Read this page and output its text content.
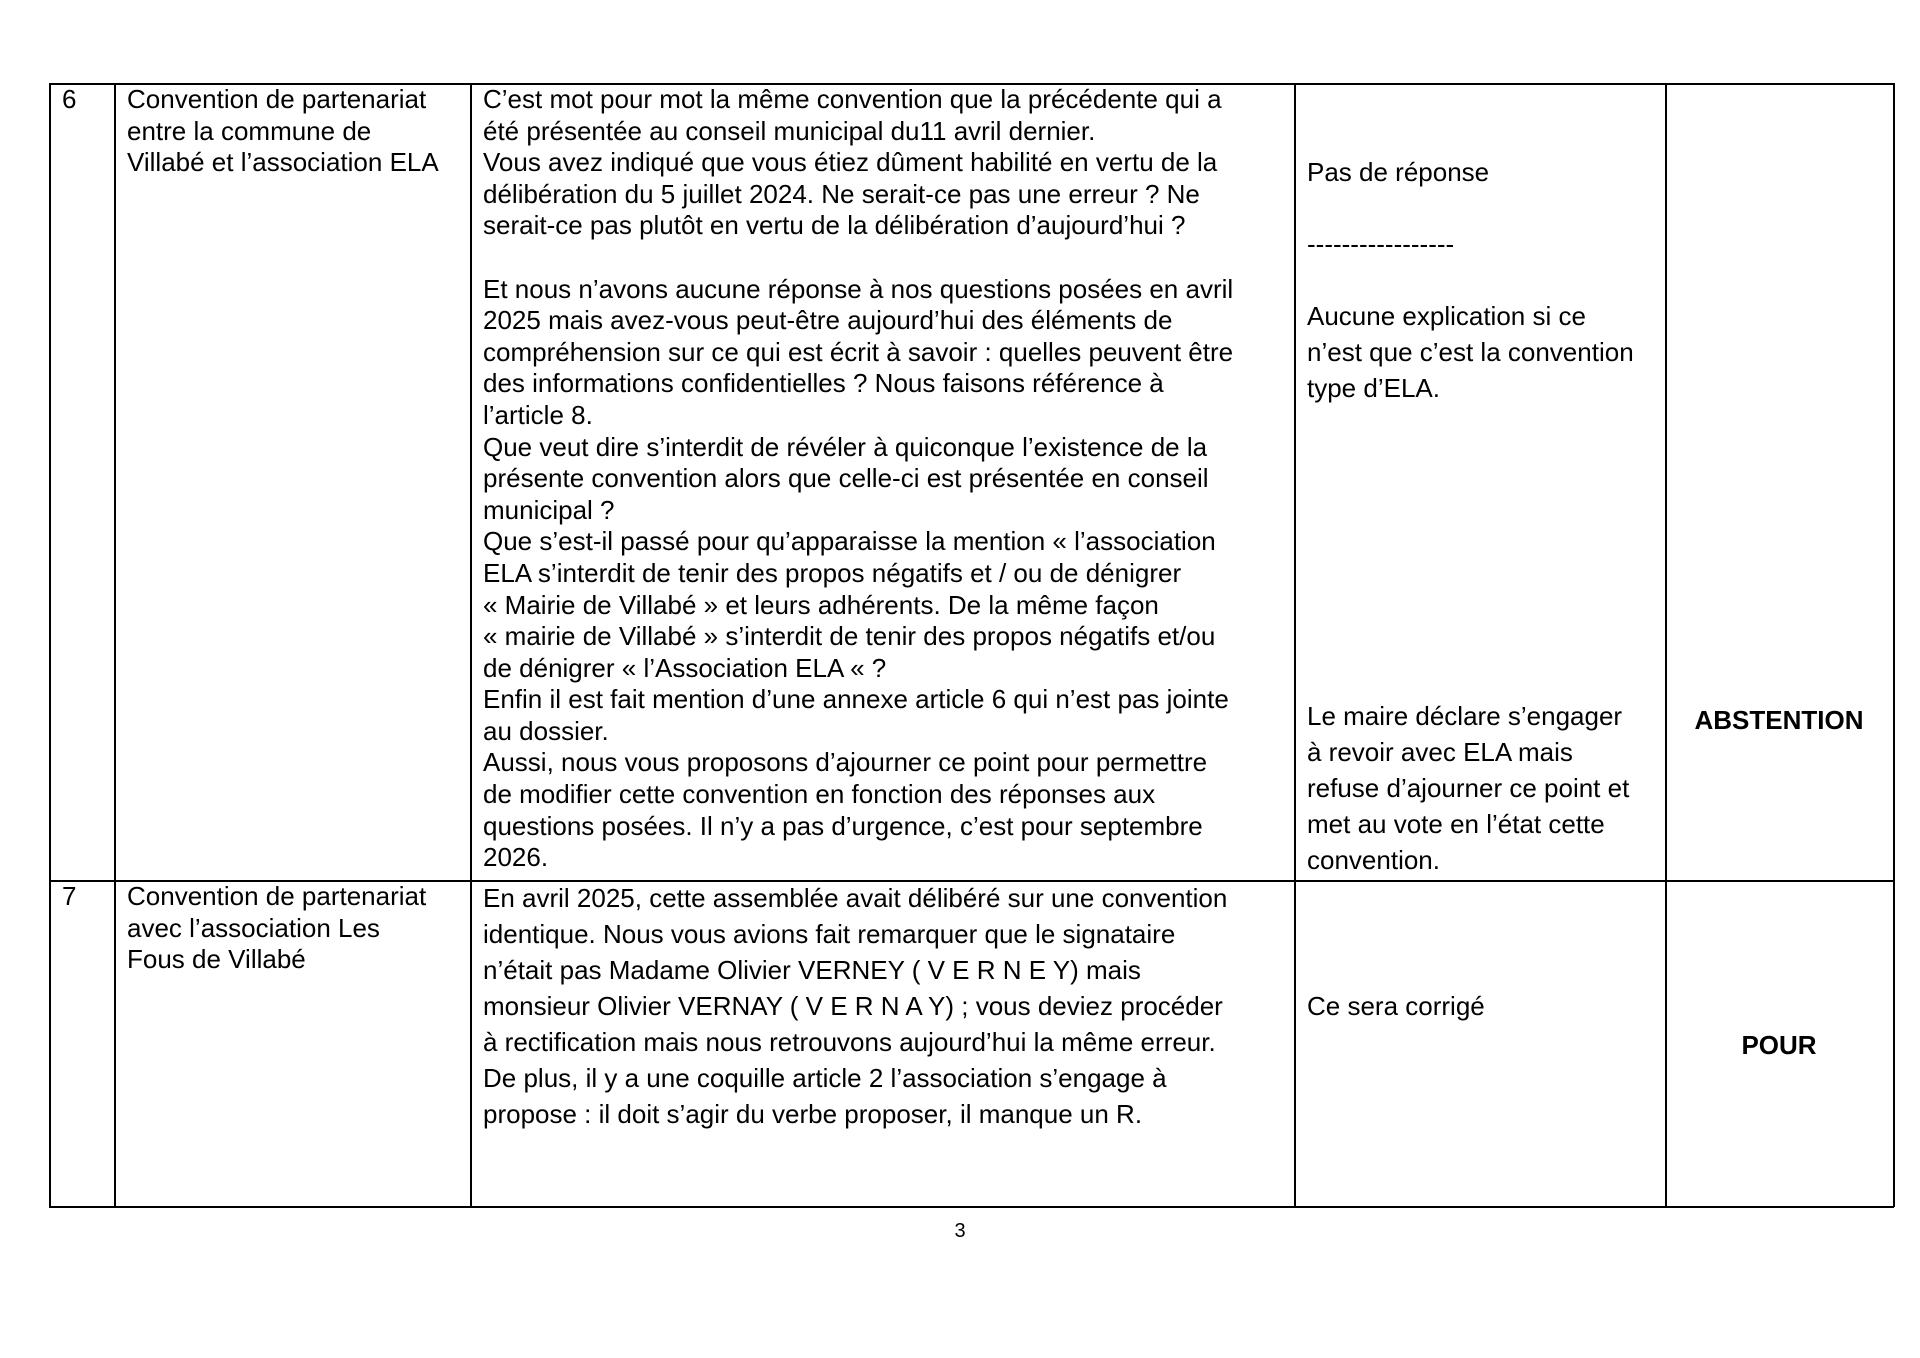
6 Convention de partenariat
entre la commune de
Villabé et l’association ELA
C’est mot pour mot la même convention que la précédente qui a
été présentée au conseil municipal du11 avril dernier.
Vous avez indiqué que vous étiez dûment habilité en vertu de la
délibération du 5 juillet 2024. Ne serait-ce pas une erreur ? Ne
serait-ce pas plutôt en vertu de la délibération d’aujourd’hui ?

Et nous n’avons aucune réponse à nos questions posées en avril
2025 mais avez-vous peut-être aujourd’hui des éléments de
compréhension sur ce qui est écrit à savoir : quelles peuvent être
des informations confidentielles ? Nous faisons référence à
l’article 8.
Que veut dire s’interdit de révéler à quiconque l’existence de la
présente convention alors que celle-ci est présentée en conseil
municipal ?
Que s’est-il passé pour qu’apparaisse la mention « l’association
ELA s’interdit de tenir des propos négatifs et / ou de dénigrer
« Mairie de Villabé » et leurs adhérents. De la même façon
« mairie de Villabé » s’interdit de tenir des propos négatifs et/ou
de dénigrer « l’Association ELA « ?
Enfin il est fait mention d’une annexe article 6 qui n’est pas jointe
au dossier.
Aussi, nous vous proposons d’ajourner ce point pour permettre
de modifier cette convention en fonction des réponses aux
questions posées. Il n’y a pas d’urgence, c’est pour septembre
2026.
Pas de réponse

-----------------

Aucune explication si ce
n’est que c’est la convention
type d’ELA.
Le maire déclare s’engager
à revoir avec ELA mais
refuse d’ajourner ce point et
met au vote en l’état cette
convention.
ABSTENTION
7 Convention de partenariat
avec l’association Les
Fous de Villabé
En avril 2025, cette assemblée avait délibéré sur une convention
identique. Nous vous avions fait remarquer que le signataire
n’était pas Madame Olivier VERNEY ( V E R N E Y) mais
monsieur Olivier VERNAY ( V E R N A Y) ; vous deviez procéder
à rectification mais nous retrouvons aujourd’hui la même erreur.
De plus, il y a une coquille article 2 l’association s’engage à
propose : il doit s’agir du verbe proposer, il manque un R.
Ce sera corrigé
POUR
3
